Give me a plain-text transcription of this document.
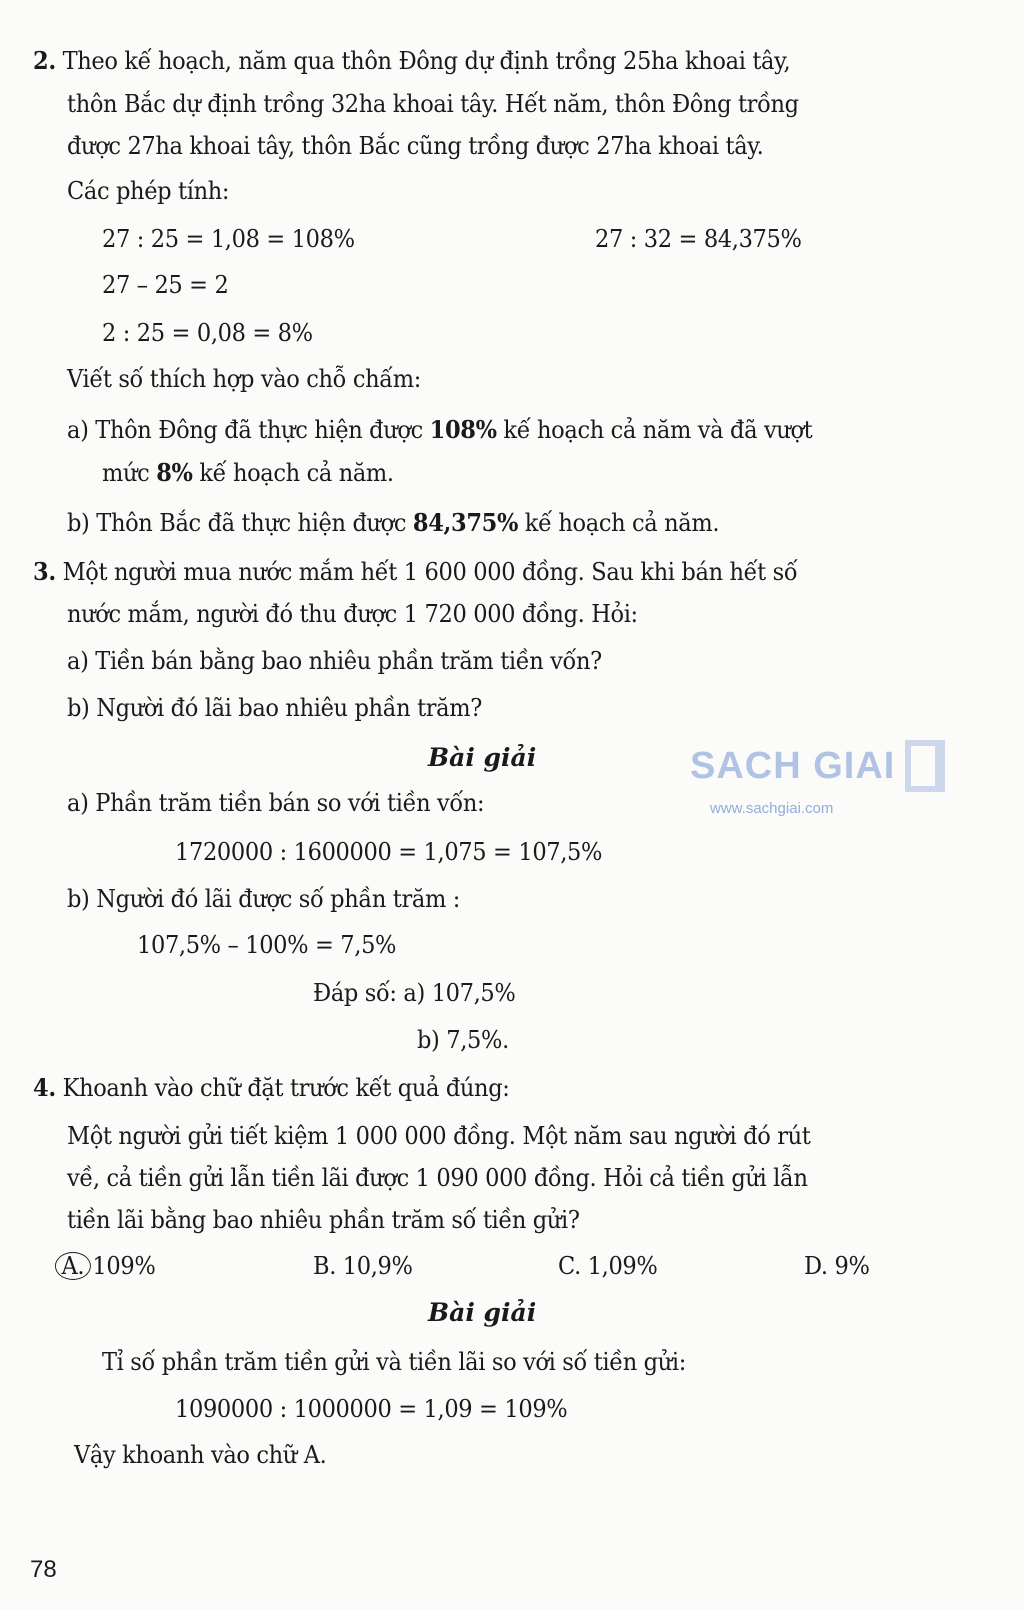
2. Theo kế hoạch, năm qua thôn Đông dự định trồng 25ha khoai tây,
thôn Bắc dự định trồng 32ha khoai tây. Hết năm, thôn Đông trồng
được 27ha khoai tây, thôn Bắc cũng trồng được 27ha khoai tây.
Các phép tính:
27 : 25 = 1,08 = 108%	27 : 32 = 84,375%
27 – 25 = 2
2 : 25 = 0,08 = 8%
Viết số thích hợp vào chỗ chấm:
a) Thôn Đông đã thực hiện được 108% kế hoạch cả năm và đã vượt
mức 8% kế hoạch cả năm.
b) Thôn Bắc đã thực hiện được 84,375% kế hoạch cả năm.
3. Một người mua nước mắm hết 1 600 000 đồng. Sau khi bán hết số
nước mắm, người đó thu được 1 720 000 đồng. Hỏi:
a) Tiền bán bằng bao nhiêu phần trăm tiền vốn?
b) Người đó lãi bao nhiêu phần trăm?
Bài giải	SACH GIAI
www.sachgiai.com
a) Phần trăm tiền bán so với tiền vốn:
1720000 : 1600000 = 1,075 = 107,5%
b) Người đó lãi được số phần trăm :
107,5% – 100% = 7,5%
Đáp số: a) 107,5%
b) 7,5%.
4. Khoanh vào chữ đặt trước kết quả đúng:
Một người gửi tiết kiệm 1 000 000 đồng. Một năm sau người đó rút
về, cả tiền gửi lẫn tiền lãi được 1 090 000 đồng. Hỏi cả tiền gửi lẫn
tiền lãi bằng bao nhiêu phần trăm số tiền gửi?
A. 109%	B. 10,9%	C. 1,09%	D. 9%
Bài giải
Tỉ số phần trăm tiền gửi và tiền lãi so với số tiền gửi:
1090000 : 1000000 = 1,09 = 109%
Vậy khoanh vào chữ A.
78
